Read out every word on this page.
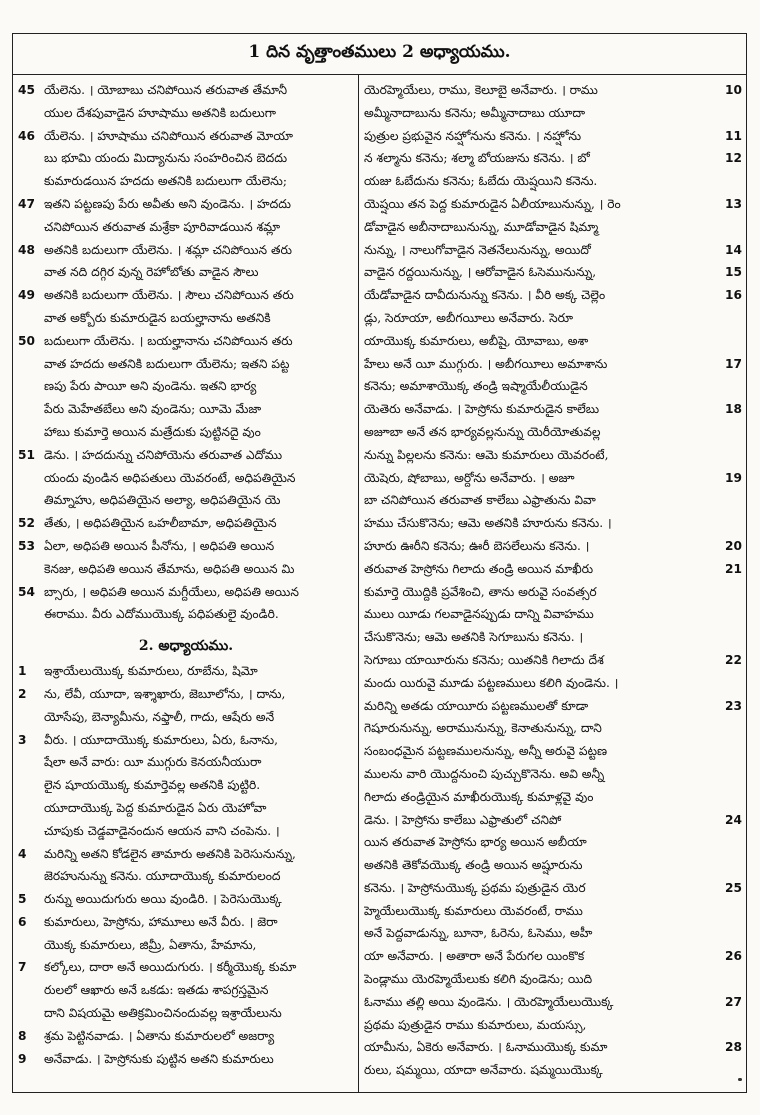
1 దిన వృత్తాంతములు 2 అధ్యాయము.
45 యేలెను. । యోబాబు చనిపోయిన తరువాత తేమానీ
యుల దేశపువాడైన హూషాము అతనికి బదులుగా
46 యేలెను. । హూషాము చనిపోయిన తరువాత మోయా
బు భూమి యందు మిద్యానును సంహరించిన బెదదు
కుమారుడయిన హదదు అతనికి బదులుగా యేలెను;
47 ఇతని పట్టణపు పేరు అవీతు అని వుండెను. । హదదు
చనిపోయిన తరువాత మశ్రేకా పూరివాడయిన శమ్లా
48 అతనికి బదులుగా యేలెను. । శమ్లా చనిపోయిన తరు
వాత నది దగ్గిర వున్న రెహోబోతు వాడైన సౌలు
49 అతనికి బదులుగా యేలెను. । సౌలు చనిపోయిన తరు
వాత అక్బోరు కుమారుడైన బయల్హానాను అతనికి
50 బదులుగా యేలెను. । బయల్హానాను చనిపోయిన తరు
వాత హదదు అతనికి బదులుగా యేలెను; ఇతని పట్ట
ణపు పేరు పాయీ అని వుండెను. ఇతని భార్య
పేరు మెహేతబేలు అని వుండెను; యీమె మేజా
హాబు కుమార్తె అయిన మత్రేదుకు పుట్టినదై వుం
51 డెను. । హదదున్ను చనిపోయెను తరువాత ఎదోము
యందు వుండిన అధిపతులు యెవరంటే, అధిపతియైన
తిమ్నాహు, అధిపతియైన అల్యా, అధిపతియైన యె
52 తేతు, । అధిపతియైన ఒహలీబామా, అధిపతియైన
53 ఏలా, అధిపతి అయిన పీనోను, । అధిపతి అయిన
కెనజు, అధిపతి అయిన తేమాను, అధిపతి అయిన మి
54 బ్సారు, । అధిపతి అయిన మగ్దీయేలు, అధిపతి అయిన
ఈరాము. వీరు ఎదోముయొక్క పధిపతులై వుండిరి.
2. అధ్యాయము.
1	ఇశ్రాయేలుయొక్క కుమారులు, రూబేను, షిమో
2	ను, లేవీ, యూదా, ఇశ్శాఖారు, జెబూలోను, । దాను,
యోసేపు, బెన్యామీను, నఫ్తాలీ, గాదు, ఆషేరు అనే
3	వీరు. । యూదాయొక్క కుమారులు, ఏరు, ఓనాను,
షేలా అనే వారు: యీ ముగ్గురు కెనయనీయురా
లైన షూయయొక్క కుమార్తెవల్ల అతనికి పుట్టిరి.
యూదాయొక్క పెద్ద కుమారుడైన ఏరు యెహోవా
చూపుకు చెడ్డవాడైనందున ఆయన వాని చంపెను. ।
4	మరిన్ని అతని కోడలైన తామారు అతనికి పెరెసునున్ను,
జెరహునున్ను కనెను. యూదాయొక్క కుమారులంద
5	రున్ను అయిదుగురు అయి వుండిరి. । పెరెసుయొక్క
6	కుమారులు, హెస్రోను, హామూలు అనే వీరు. । జెరా
యొక్క కుమారులు, జిమ్రీ, ఏతాను, హేమాను,
7	కల్కోలు, దారా అనే అయిదుగురు. । కర్మీయొక్క కుమా
రులలో ఆఖారు అనే ఒకడు: ఇతడు శాపగ్రస్తమైన
దాని విషయమై అతిక్రమించినందువల్ల ఇశ్రాయేలును
8	శ్రమ పెట్టినవాడు. । ఏతాను కుమారులలో అజర్యా
9	అనేవాడు. । హెస్రోనుకు పుట్టిన అతని కుమారులు
యెరహ్మెయేలు, రాము, కెలూబై అనేవారు. । రాము	10
అమ్మీనాదాబును కనెను; అమ్మీనాదాబు యూదా
పుత్రుల ప్రభువైన నహ్షోనును కనెను. । నహ్షోను	11
న శల్మాను కనెను; శల్మా బోయజును కనెను. । బో	12
యజు ఓబేదును కనెను; ఓబేదు యెష్షయిని కనెను.
యెష్షయి తన పెద్ద కుమారుడైన ఏలీయాబునున్ను, । రెం	13
డోవాడైన అబీనాదాబునున్ను, మూడోవాడైన షిమ్మా
నున్ను, । నాలుగోవాడైన నెతనేలునున్ను, అయిదో	14
వాడైన రద్దయినున్ను, । ఆరోవాడైన ఓసెమునున్ను,	15
యేడోవాడైన దావీదునున్ను కనెను. । వీరి అక్క చెల్లెం	16
డ్లు, సెరూయా, అబీగయీలు అనేవారు. సెరూ
యాయొక్క కుమారులు, అబీషై, యోవాబు, అశా
హేలు అనే యీ ముగ్గురు. । అబీగయీలు అమాశాను	17
కనెను; అమాశాయొక్క తండ్రి ఇష్మాయేలీయుడైన
యెతెరు అనేవాడు. । హెస్రోను కుమారుడైన కాలేబు	18
అజూబా అనే తన భార్యవల్లనున్ను యెరీయోతువల్ల
నున్ను పిల్లలను కనెను: ఆమె కుమారులు యెవరంటే,
యెషెరు, షోబాబు, అర్దోను అనేవారు. । అజూ	19
బా చనిపోయిన తరువాత కాలేబు ఎఫ్రాతును వివా
హము చేసుకొనెను; ఆమె అతనికి హూరును కనెను. ।
హూరు ఊరీని కనెను; ఊరీ బెసలేలును కనెను. ।	20
తరువాత హెస్రోను గిలాదు తండ్రి అయిన మాఖీరు	21
కుమార్తె యొద్దికి ప్రవేశించి, తాను అరువై సంవత్సర
ములు యీడు గలవాడైనప్పుడు దాన్ని వివాహము
చేసుకొనెను; ఆమె అతనికి సెగూబును కనెను. ।
సెగూబు యాయీరును కనెను; యితనికి గిలాదు దేశ	22
మందు యిరువై మూడు పట్టణములు కలిగి వుండెను. ।
మరిన్ని అతడు యాయీరు పట్టణములతో కూడా	23
గెషూరునున్ను, అరామునున్ను, కెనాతునున్ను, దాని
సంబంధమైన పట్టణములనున్ను, అన్నీ అరువై పట్టణ
ములను వారి యొద్దనుంచి పుచ్చుకొనెను. అవి అన్నీ
గిలాదు తండ్రియైన మాఖీరుయొక్క కుమాళ్లవై వుం
డెను. । హెస్రోను కాలేబు ఎఫ్రాతులో చనిపో	24
యిన తరువాత హెస్రోను భార్య అయిన అబీయా
అతనికి తెకోవయొక్క తండ్రి అయిన అష్షూరును
కనెను. । హెస్రోనుయొక్క ప్రథమ పుత్రుడైన యెర	25
హ్మెయేలుయొక్క కుమారులు యెవరంటే, రాము
అనే పెద్దవాడున్ను, బూనా, ఓరెను, ఓసెము, అహీ
యా అనేవారు. । అతారా అనే పేరుగల యింకొక	26
పెండ్లాము యెరహ్మెయేలుకు కలిగి వుండెను; యిది
ఓనాము తల్లి అయి వుండెను. । యెరహ్మెయేలుయొక్క	27
ప్రథమ పుత్రుడైన రాము కుమారులు, మయస్సు,
యామీను, ఏకెరు అనేవారు. । ఓనాముయొక్క కుమా	28
రులు, షమ్మయి, యాదా అనేవారు. షమ్మయియొక్క
